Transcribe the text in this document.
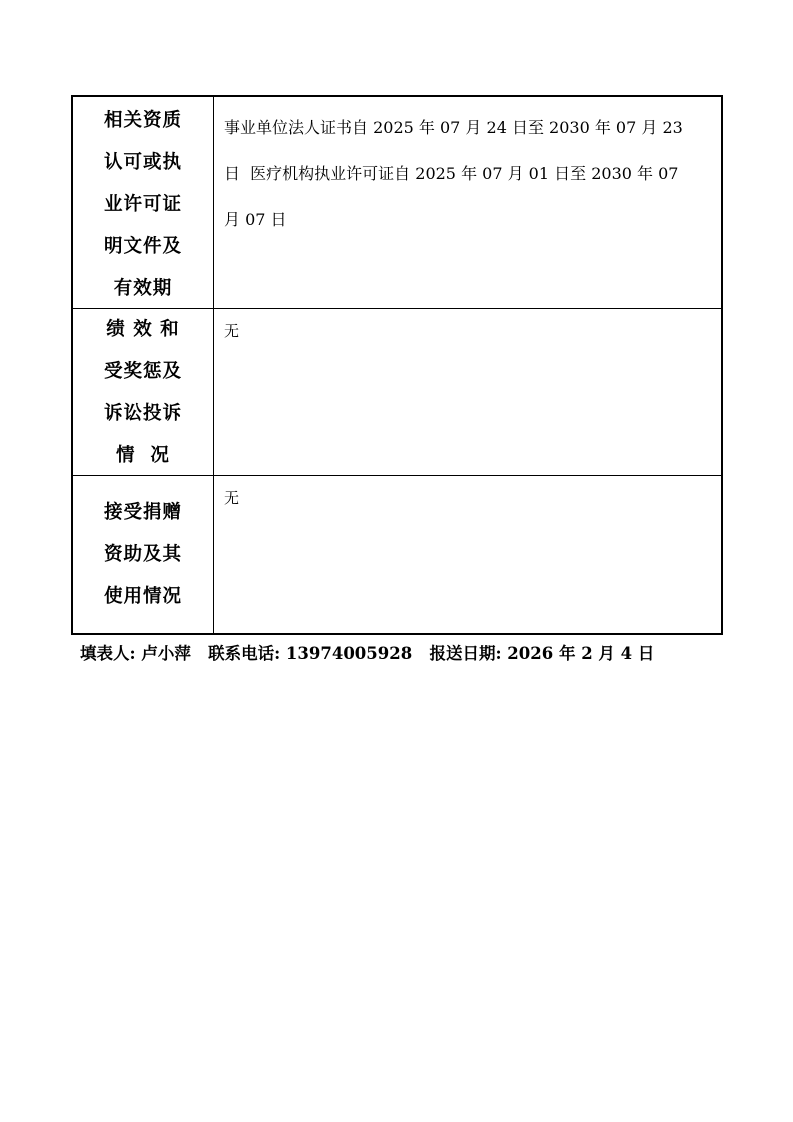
相关资质
认可或执
业许可证
明文件及
有效期
事业单位法人证书自 2025 年 07 月 24 日至 2030 年 07 月 23
日  医疗机构执业许可证自 2025 年 07 月 01 日至 2030 年 07
月 07 日
绩 效 和
受奖惩及
诉讼投诉
情  况
无
接受捐赠
资助及其
使用情况
无
填表人: 卢小萍 联系电话: 13974005928 报送日期: 2026 年 2 月 4 日
